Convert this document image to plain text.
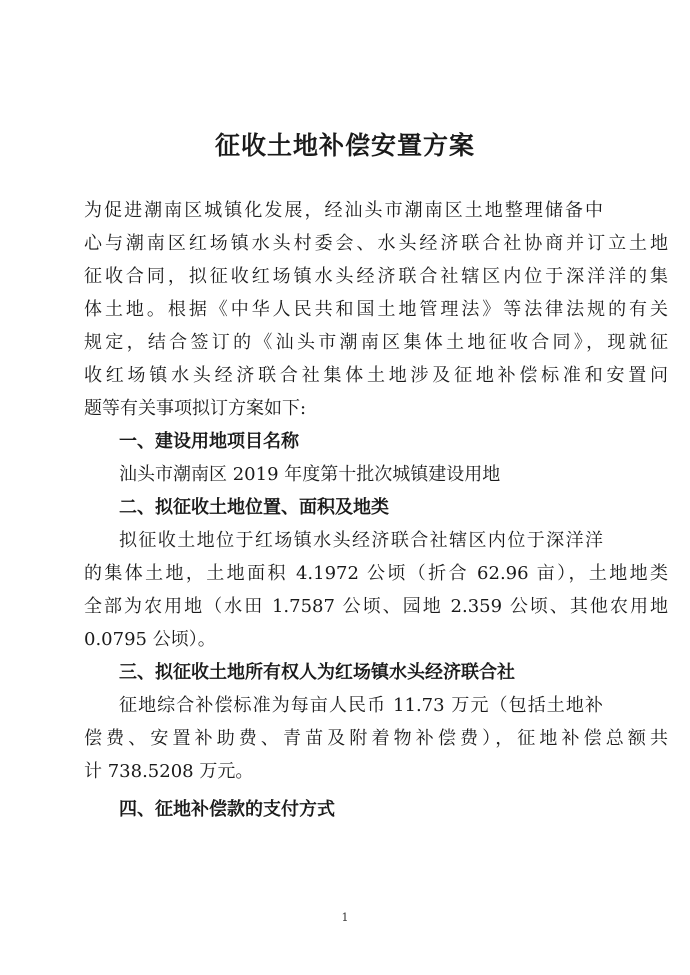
征收土地补偿安置方案

为促进潮南区城镇化发展，经汕头市潮南区土地整理储备中

心与潮南区红场镇水头村委会、水头经济联合社协商并订立土地

征收合同，拟征收红场镇水头经济联合社辖区内位于深洋洋的集

体土地。根据《中华人民共和国土地管理法》等法律法规的有关

规定，结合签订的《汕头市潮南区集体土地征收合同》，现就征

收红场镇水头经济联合社集体土地涉及征地补偿标准和安置问

题等有关事项拟订方案如下:

一、建设用地项目名称

汕头市潮南区 2019 年度第十批次城镇建设用地

二、拟征收土地位置、面积及地类

拟征收土地位于红场镇水头经济联合社辖区内位于深洋洋

的集体土地，土地面积 4.1972 公顷（折合 62.96 亩），土地地类

全部为农用地（水田 1.7587 公顷、园地 2.359 公顷、其他农用地

0.0795 公顷）。

三、拟征收土地所有权人为红场镇水头经济联合社

征地综合补偿标准为每亩人民币 11.73 万元（包括土地补

偿费、安置补助费、青苗及附着物补偿费），征地补偿总额共

计 738.5208 万元。

四、征地补偿款的支付方式

1
